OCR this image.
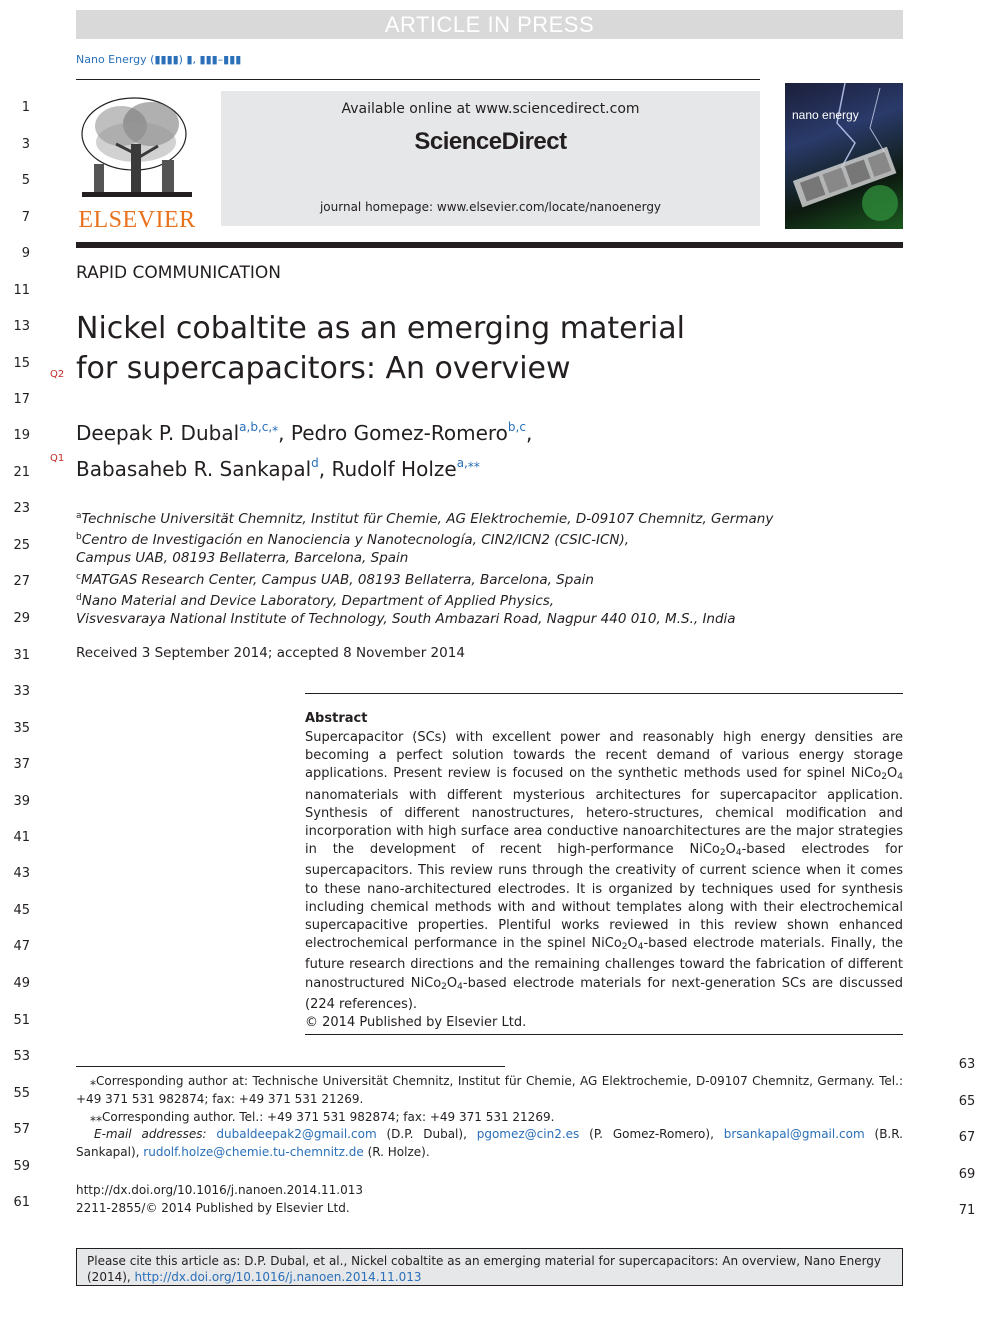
ARTICLE IN PRESS
Nano Energy (▮▮▮▮) ▮, ▮▮▮–▮▮▮
1
3
5
7
9
11
13
15
17
19
21
23
25
27
29
31
33
35
37
39
41
43
45
47
49
51
53
55
57
59
61
63
65
67
69
71
Q2
Q1
ELSEVIER
Available online at www.sciencedirect.com
ScienceDirect
journal homepage: www.elsevier.com/locate/nanoenergy
nano energy
RAPID COMMUNICATION
Nickel cobaltite as an emerging material
for supercapacitors: An overview
Deepak P. Dubal$^{a,b,c,⁎}$, Pedro Gomez-Romero$^{b,c}$,
Babasaheb R. Sankapal$^d$, Rudolf Holze$^{a,⁎⁎}$
$^a$Technische Universität Chemnitz, Institut für Chemie, AG Elektrochemie, D-09107 Chemnitz, Germany
$^b$Centro de Investigación en Nanociencia y Nanotecnología, CIN2/ICN2 (CSIC-ICN),
Campus UAB, 08193 Bellaterra, Barcelona, Spain
$^c$MATGAS Research Center, Campus UAB, 08193 Bellaterra, Barcelona, Spain
$^d$Nano Material and Device Laboratory, Department of Applied Physics,
Visvesvaraya National Institute of Technology, South Ambazari Road, Nagpur 440 010, M.S., India
Received 3 September 2014; accepted 8 November 2014
Abstract
Supercapacitor (SCs) with excellent power and reasonably high energy densities are becoming a perfect solution towards the recent demand of various energy storage applications. Present review is focused on the synthetic methods used for spinel $NiCo_2O_4$ nanomaterials with different mysterious architectures for supercapacitor application. Synthesis of different nanostructures, hetero-structures, chemical modification and incorporation with high surface area conductive nanoarchitectures are the major strategies in the development of recent high-performance $NiCo_2O_4$-based electrodes for supercapacitors. This review runs through the creativity of current science when it comes to these nano-architectured electrodes. It is organized by techniques used for synthesis including chemical methods with and without templates along with their electrochemical supercapacitive properties. Plentiful works reviewed in this review shown enhanced electrochemical performance in the spinel $NiCo_2O_4$-based electrode materials. Finally, the future research directions and the remaining challenges toward the fabrication of different nanostructured $NiCo_2O_4$-based electrode materials for next-generation SCs are discussed (224 references).
© 2014 Published by Elsevier Ltd.
⁎Corresponding author at: Technische Universität Chemnitz, Institut für Chemie, AG Elektrochemie, D-09107 Chemnitz, Germany. Tel.: +49 371 531 982874; fax: +49 371 531 21269.
⁎⁎Corresponding author. Tel.: +49 371 531 982874; fax: +49 371 531 21269.
E-mail addresses: dubaldeepak2@gmail.com (D.P. Dubal), pgomez@cin2.es (P. Gomez-Romero), brsankapal@gmail.com (B.R. Sankapal), rudolf.holze@chemie.tu-chemnitz.de (R. Holze).
http://dx.doi.org/10.1016/j.nanoen.2014.11.013
2211-2855/© 2014 Published by Elsevier Ltd.
Please cite this article as: D.P. Dubal, et al., Nickel cobaltite as an emerging material for supercapacitors: An overview, Nano Energy (2014), http://dx.doi.org/10.1016/j.nanoen.2014.11.013
